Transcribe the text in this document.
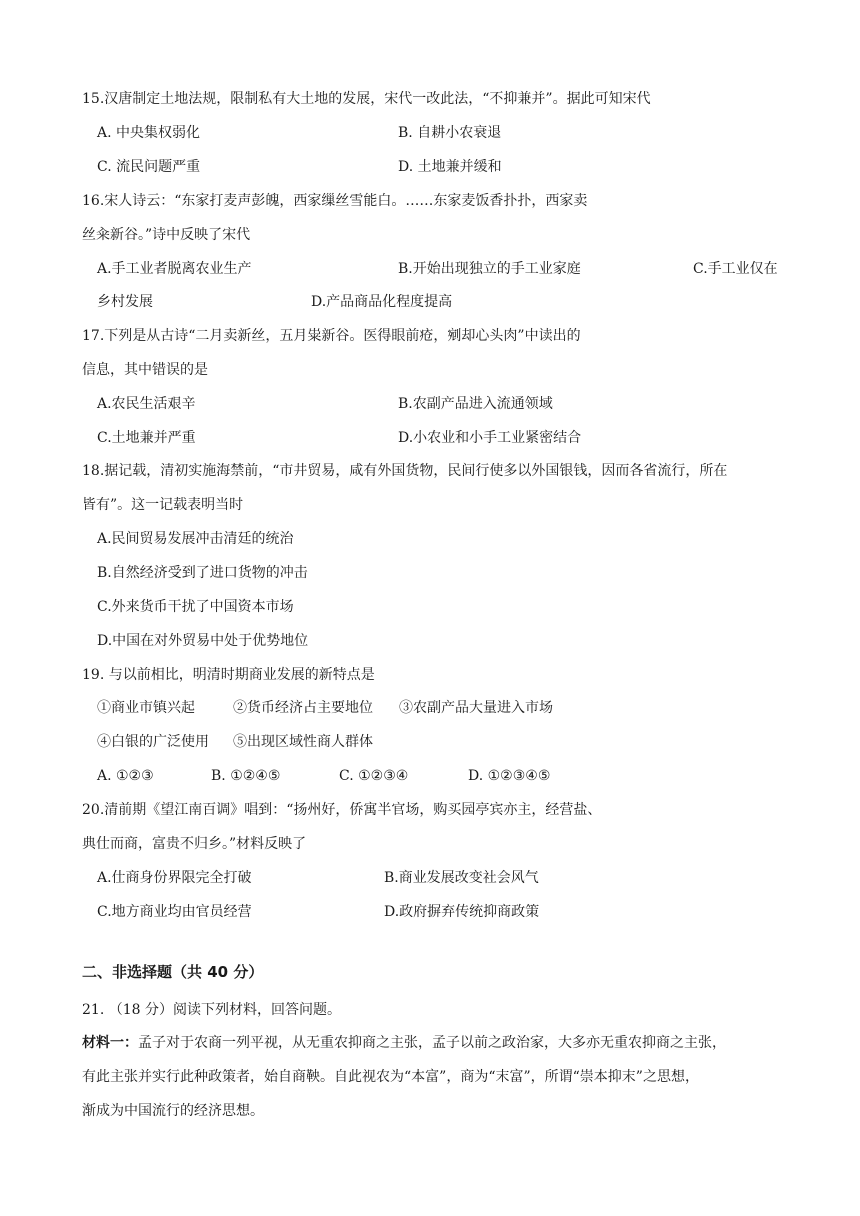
15.汉唐制定土地法规，限制私有大土地的发展，宋代一改此法，“不抑兼并”。据此可知宋代
A. 中央集权弱化	B. 自耕小农衰退
C. 流民问题严重	D. 土地兼并缓和
16.宋人诗云：“东家打麦声彭魄，西家缫丝雪能白。……东家麦饭香扑扑，西家卖
丝籴新谷。”诗中反映了宋代
A.手工业者脱离农业生产	B.开始出现独立的手工业家庭	C.手工业仅在
乡村发展	D.产品商品化程度提高
17.下列是从古诗“二月卖新丝，五月粜新谷。医得眼前疮，剜却心头肉”中读出的
信息，其中错误的是
A.农民生活艰辛	B.农副产品进入流通领域
C.土地兼并严重	D.小农业和小手工业紧密结合
18.据记载，清初实施海禁前，“市井贸易，咸有外国货物，民间行使多以外国银钱，因而各省流行，所在
皆有”。这一记载表明当时
A.民间贸易发展冲击清廷的统治
B.自然经济受到了进口货物的冲击
C.外来货币干扰了中国资本市场
D.中国在对外贸易中处于优势地位
19. 与以前相比，明清时期商业发展的新特点是
①商业市镇兴起	②货币经济占主要地位 ③农副产品大量进入市场
④白银的广泛使用 ⑤出现区域性商人群体
A. ①②③	B. ①②④⑤	C. ①②③④	D. ①②③④⑤
20.清前期《望江南百调》唱到：“扬州好，侨寓半官场，购买园亭宾亦主，经营盐、
典仕而商，富贵不归乡。”材料反映了
A.仕商身份界限完全打破	B.商业发展改变社会风气
C.地方商业均由官员经营	D.政府摒弃传统抑商政策
二、非选择题（共 40 分）
21. （18 分）阅读下列材料，回答问题。
材料一：孟子对于农商一列平视，从无重农抑商之主张，孟子以前之政治家，大多亦无重农抑商之主张，
有此主张并实行此种政策者，始自商鞅。自此视农为“本富”，商为“末富”，所谓“崇本抑末”之思想，
渐成为中国流行的经济思想。
